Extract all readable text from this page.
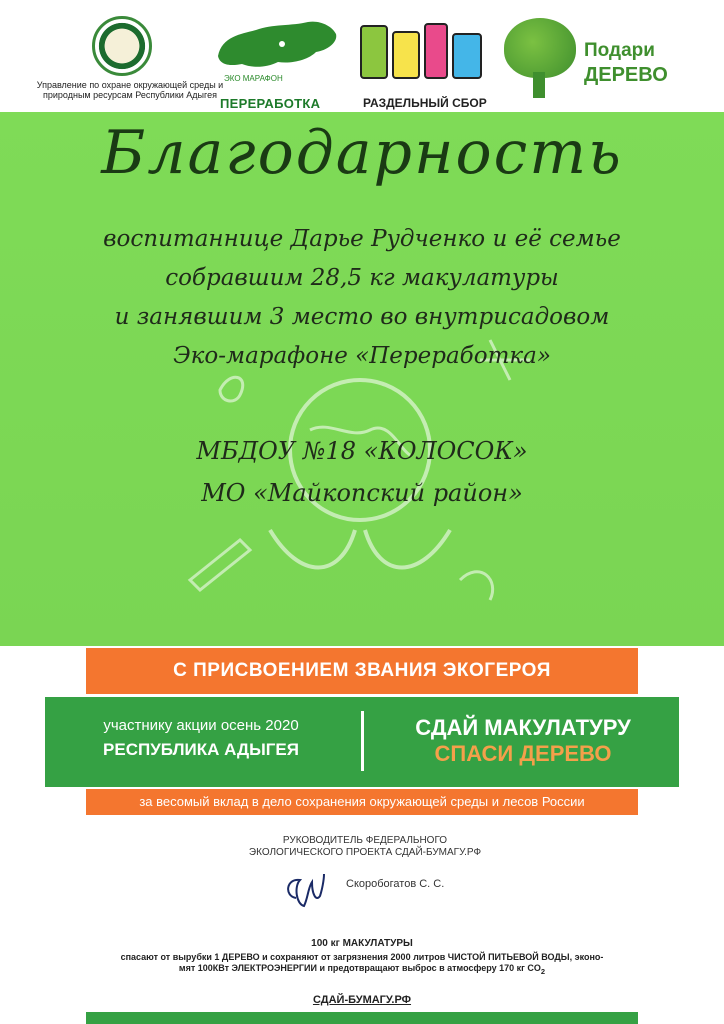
Управление по охране окружающей среды и природным ресурсам Республики Адыгея
ЭКО МАРАФОН
ПЕРЕРАБОТКА	РАЗДЕЛЬНЫЙ СБОР
Подари
ДЕРЕВО
Благодарность
воспитаннице Дарье Рудченко и её семье
собравшим 28,5 кг макулатуры
и занявшим 3 место во внутрисадовом
Эко-марафоне «Переработка»
МБДОУ №18 «КОЛОСОК»
МО «Майкопский район»
С ПРИСВОЕНИЕМ ЗВАНИЯ ЭКОГЕРОЯ
участнику акции осень 2020
РЕСПУБЛИКА АДЫГЕЯ
СДАЙ МАКУЛАТУРУ
СПАСИ ДЕРЕВО
за весомый вклад в дело сохранения окружающей среды и лесов России
РУКОВОДИТЕЛЬ ФЕДЕРАЛЬНОГО
ЭКОЛОГИЧЕСКОГО ПРОЕКТА СДАЙ-БУМАГУ.РФ
Скоробогатов С. С.
100 кг МАКУЛАТУРЫ
спасают от вырубки 1 ДЕРЕВО и сохраняют от загрязнения 2000 литров ЧИСТОЙ ПИТЬЕВОЙ ВОДЫ, эконо-
мят 100КВт ЭЛЕКТРОЭНЕРГИИ и предотвращают выброс в атмосферу 170 кг $CO_2$
СДАЙ-БУМАГУ.РФ
